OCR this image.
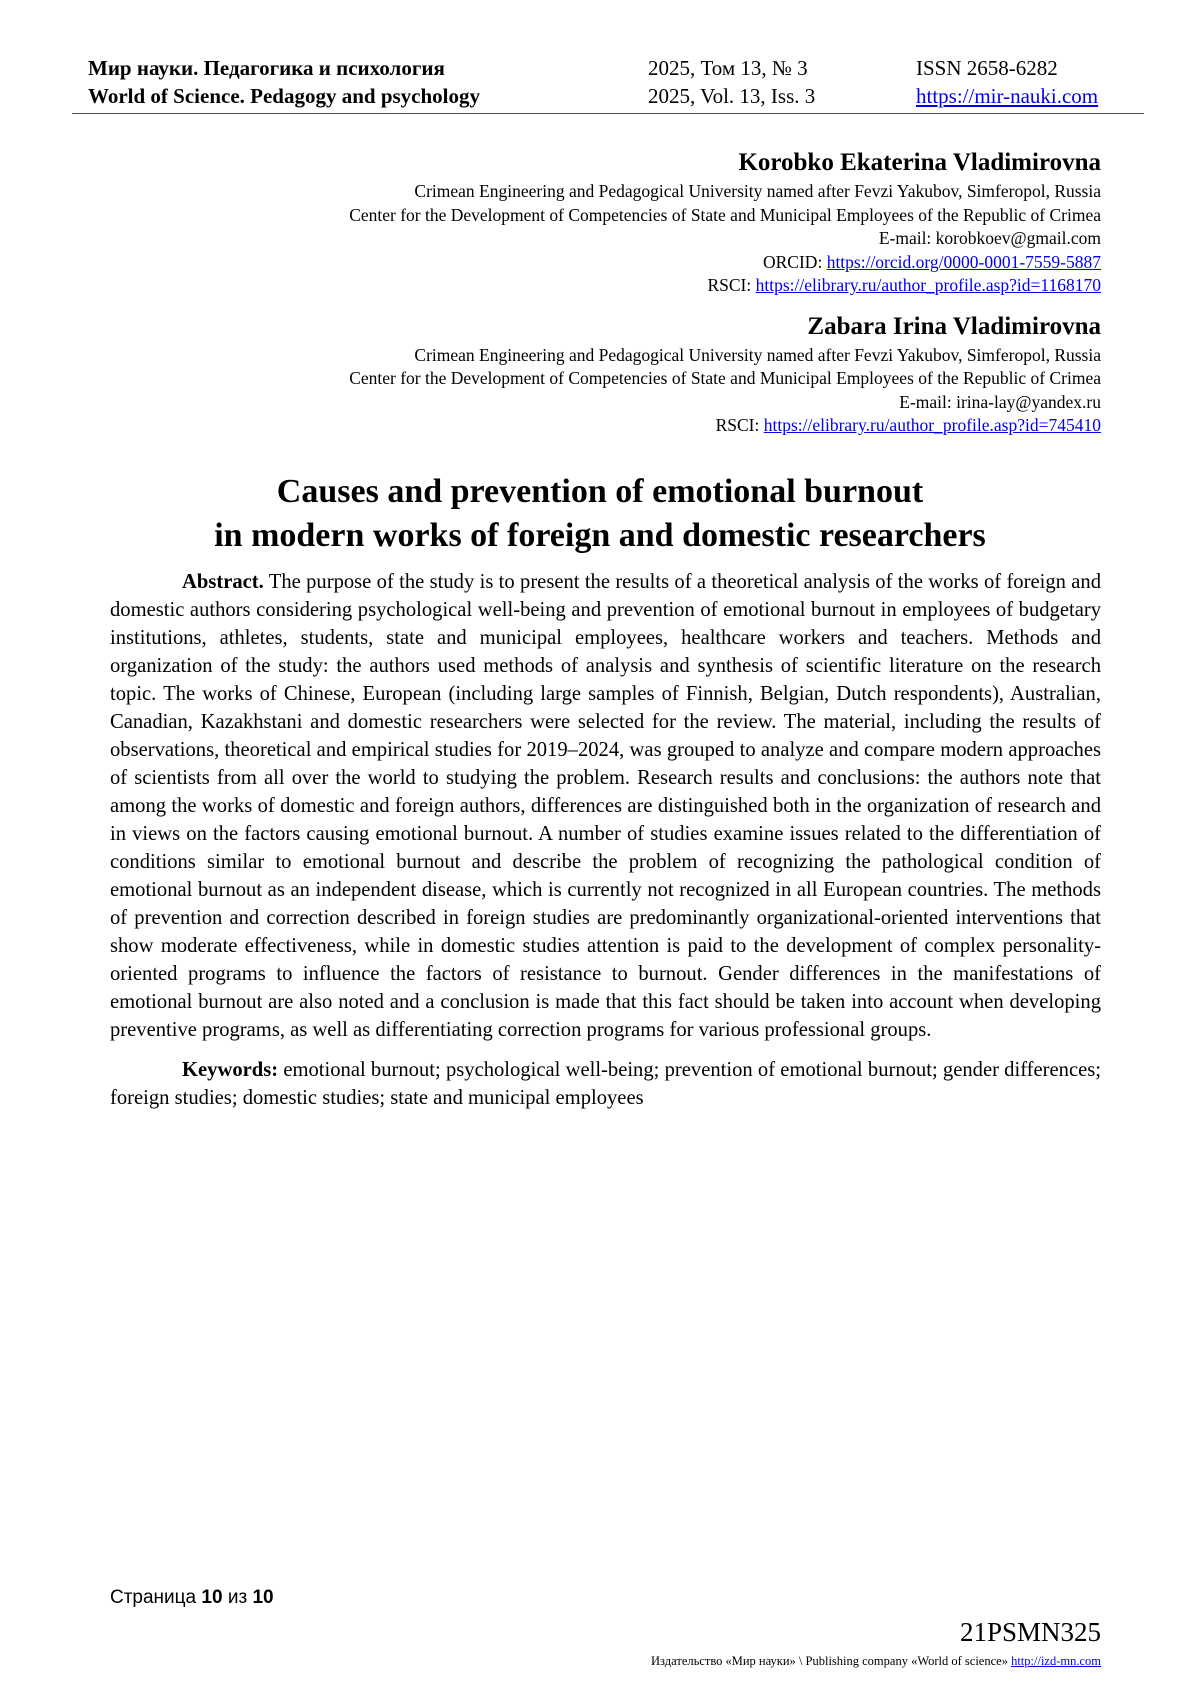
Мир науки. Педагогика и психология
World of Science. Pedagogy and psychology
2025, Том 13, № 3
2025, Vol. 13, Iss. 3
ISSN 2658-6282
https://mir-nauki.com
Korobko Ekaterina Vladimirovna
Crimean Engineering and Pedagogical University named after Fevzi Yakubov, Simferopol, Russia
Center for the Development of Competencies of State and Municipal Employees of the Republic of Crimea
E-mail: korobkoev@gmail.com
ORCID: https://orcid.org/0000-0001-7559-5887
RSCI: https://elibrary.ru/author_profile.asp?id=1168170
Zabara Irina Vladimirovna
Crimean Engineering and Pedagogical University named after Fevzi Yakubov, Simferopol, Russia
Center for the Development of Competencies of State and Municipal Employees of the Republic of Crimea
E-mail: irina-lay@yandex.ru
RSCI: https://elibrary.ru/author_profile.asp?id=745410
Causes and prevention of emotional burnout
in modern works of foreign and domestic researchers

Abstract. The purpose of the study is to present the results of a theoretical analysis of the works of foreign and domestic authors considering psychological well-being and prevention of emotional burnout in employees of budgetary institutions, athletes, students, state and municipal employees, healthcare workers and teachers. Methods and organization of the study: the authors used methods of analysis and synthesis of scientific literature on the research topic. The works of Chinese, European (including large samples of Finnish, Belgian, Dutch respondents), Australian, Canadian, Kazakhstani and domestic researchers were selected for the review. The material, including the results of observations, theoretical and empirical studies for 2019–2024, was grouped to analyze and compare modern approaches of scientists from all over the world to studying the problem. Research results and conclusions: the authors note that among the works of domestic and foreign authors, differences are distinguished both in the organization of research and in views on the factors causing emotional burnout. A number of studies examine issues related to the differentiation of conditions similar to emotional burnout and describe the problem of recognizing the pathological condition of emotional burnout as an independent disease, which is currently not recognized in all European countries. The methods of prevention and correction described in foreign studies are predominantly organizational-oriented interventions that show moderate effectiveness, while in domestic studies attention is paid to the development of complex personality-oriented programs to influence the factors of resistance to burnout. Gender differences in the manifestations of emotional burnout are also noted and a conclusion is made that this fact should be taken into account when developing preventive programs, as well as differentiating correction programs for various professional groups.

Keywords: emotional burnout; psychological well-being; prevention of emotional burnout; gender differences; foreign studies; domestic studies; state and municipal employees

Страница 10 из 10
21PSMN325
Издательство «Мир науки» \ Publishing company «World of science» http://izd-mn.com
